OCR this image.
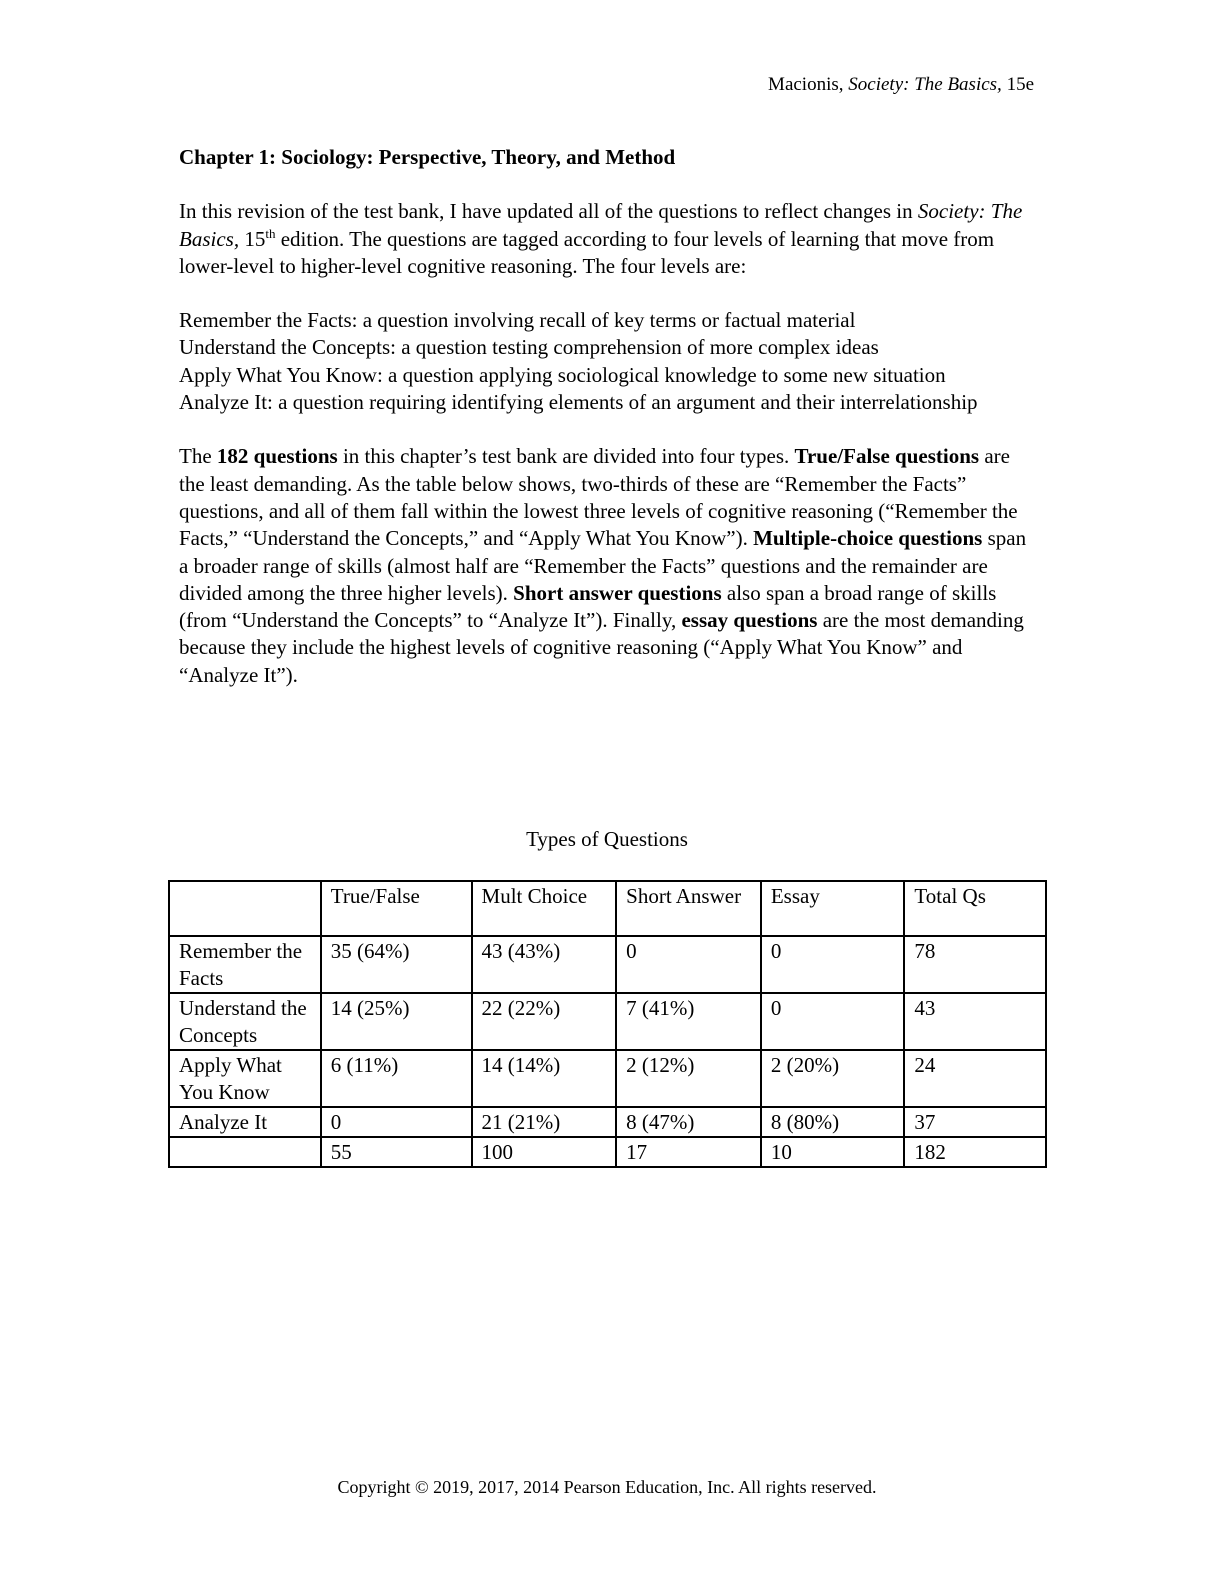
Macionis, Society: The Basics, 15e
Chapter 1: Sociology: Perspective, Theory, and Method

In this revision of the test bank, I have updated all of the questions to reflect changes in Society: The Basics, 15th edition. The questions are tagged according to four levels of learning that move from lower-level to higher-level cognitive reasoning. The four levels are:

Remember the Facts: a question involving recall of key terms or factual material
Understand the Concepts: a question testing comprehension of more complex ideas
Apply What You Know: a question applying sociological knowledge to some new situation
Analyze It: a question requiring identifying elements of an argument and their interrelationship

The 182 questions in this chapter’s test bank are divided into four types. True/False questions are the least demanding. As the table below shows, two-thirds of these are “Remember the Facts” questions, and all of them fall within the lowest three levels of cognitive reasoning (“Remember the Facts,” “Understand the Concepts,” and “Apply What You Know”). Multiple-choice questions span a broader range of skills (almost half are “Remember the Facts” questions and the remainder are divided among the three higher levels). Short answer questions also span a broad range of skills (from “Understand the Concepts” to “Analyze It”). Finally, essay questions are the most demanding because they include the highest levels of cognitive reasoning (“Apply What You Know” and “Analyze It”).

Types of Questions
	True/False	Mult Choice	Short Answer	Essay	Total Qs
Remember the Facts	35 (64%)	43 (43%)	0	0	78
Understand the Concepts	14 (25%)	22 (22%)	7 (41%)	0	43
Apply What You Know	6 (11%)	14 (14%)	2 (12%)	2 (20%)	24
Analyze It	0	21 (21%)	8 (47%)	8 (80%)	37
	55	100	17	10	182
Copyright © 2019, 2017, 2014 Pearson Education, Inc. All rights reserved.
